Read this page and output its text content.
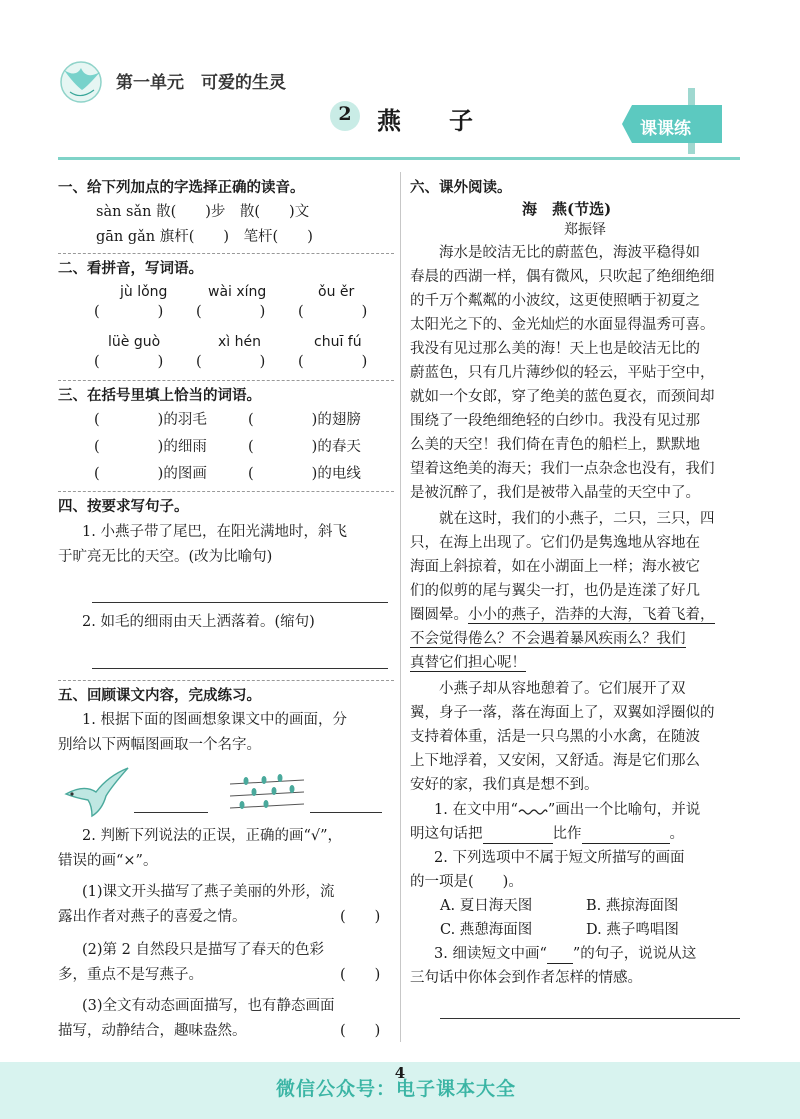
第一单元　可爱的生灵
2	燕　　子	课课练
一、给下列加点的字选择正确的读音。
sàn sǎn 散(　　)步　散(　　)文
gān gǎn 旗杆(　　)　笔杆(　　)
二、看拼音，写词语。
jù lǒng	wài xíng	ǒu ěr
(　　　　) (　　　　) (　　　　)
lüè guò	xì hén	chuī fú
(　　　　) (　　　　) (　　　　)
三、在括号里填上恰当的词语。
(　　　　)的羽毛	(　　　　)的翅膀
(　　　　)的细雨	(　　　　)的春天
(　　　　)的图画	(　　　　)的电线
四、按要求写句子。
1. 小燕子带了尾巴，在阳光满地时，斜飞
于旷亮无比的天空。(改为比喻句)
2. 如毛的细雨由天上洒落着。(缩句)
五、回顾课文内容，完成练习。
1. 根据下面的图画想象课文中的画面，分
别给以下两幅图画取一个名字。
2. 判断下列说法的正误，正确的画“√”，
错误的画“×”。
(1)课文开头描写了燕子美丽的外形，流
露出作者对燕子的喜爱之情。	(　　)
(2)第 2 自然段只是描写了春天的色彩
多，重点不是写燕子。	(　　)
(3)全文有动态画面描写，也有静态画面
描写，动静结合，趣味盎然。	(　　)
六、课外阅读。
海　燕(节选)
郑振铎
　　海水是皎洁无比的蔚蓝色，海波平稳得如
春晨的西湖一样，偶有微风，只吹起了绝细绝细
的千万个粼粼的小波纹，这更使照晒于初夏之
太阳光之下的、金光灿烂的水面显得温秀可喜。
我没有见过那么美的海！天上也是皎洁无比的
蔚蓝色，只有几片薄纱似的轻云，平贴于空中，
就如一个女郎，穿了绝美的蓝色夏衣，而颈间却
围绕了一段绝细绝轻的白纱巾。我没有见过那
么美的天空！我们倚在青色的船栏上，默默地
望着这绝美的海天；我们一点杂念也没有，我们
是被沉醉了，我们是被带入晶莹的天空中了。
　　就在这时，我们的小燕子，二只，三只，四
只，在海上出现了。它们仍是隽逸地从容地在
海面上斜掠着，如在小湖面上一样；海水被它
们的似剪的尾与翼尖一打，也仍是连漾了好几
圈圆晕。小小的燕子，浩莽的大海，飞着飞着，
不会觉得倦么？不会遇着暴风疾雨么？我们
真替它们担心呢！
　　小燕子却从容地憩着了。它们展开了双
翼，身子一落，落在海面上了，双翼如浮圈似的
支持着体重，活是一只乌黑的小水禽，在随波
上下地浮着，又安闲，又舒适。海是它们那么
安好的家，我们真是想不到。
1. 在文中用“ ”画出一个比喻句，并说
明这句话把	比作	。
2. 下列选项中不属于短文所描写的画面
的一项是(　　)。
A. 夏日海天图	B. 燕掠海面图
C. 燕憩海面图	D. 燕子鸣唱图
3. 细读短文中画“ ”的句子，说说从这
三句话中你体会到作者怎样的情感。
4
微信公众号：电子课本大全
